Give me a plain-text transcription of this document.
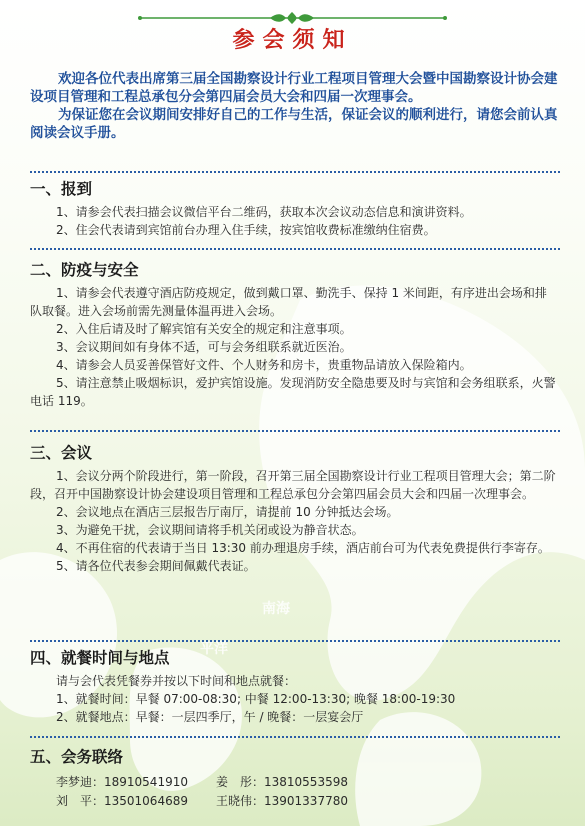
参会须知

欢迎各位代表出席第三届全国勘察设计行业工程项目管理大会暨中国勘察设计协会建设项目管理和工程总承包分会第四届会员大会和四届一次理事会。

为保证您在会议期间安排好自己的工作与生活，保证会议的顺利进行，请您会前认真阅读会议手册。

一、报到

1、请参会代表扫描会议微信平台二维码，获取本次会议动态信息和演讲资料。

2、住会代表请到宾馆前台办理入住手续，按宾馆收费标准缴纳住宿费。

二、防疫与安全

1、请参会代表遵守酒店防疫规定，做到戴口罩、勤洗手、保持 1 米间距，有序进出会场和排队取餐。进入会场前需先测量体温再进入会场。

2、入住后请及时了解宾馆有关安全的规定和注意事项。

3、会议期间如有身体不适，可与会务组联系就近医治。

4、请参会人员妥善保管好文件、个人财务和房卡，贵重物品请放入保险箱内。

5、请注意禁止吸烟标识，爱护宾馆设施。发现消防安全隐患要及时与宾馆和会务组联系，火警电话 119。

三、会议

1、会议分两个阶段进行，第一阶段，召开第三届全国勘察设计行业工程项目管理大会；第二阶段，召开中国勘察设计协会建设项目管理和工程总承包分会第四届会员大会和四届一次理事会。

2、会议地点在酒店三层报告厅南厅，请提前 10 分钟抵达会场。

3、为避免干扰，会议期间请将手机关闭或设为静音状态。

4、不再住宿的代表请于当日 13:30 前办理退房手续，酒店前台可为代表免费提供行李寄存。

5、请各位代表参会期间佩戴代表证。

四、就餐时间与地点

请与会代表凭餐券并按以下时间和地点就餐：

1、就餐时间：早餐 07:00-08:30; 中餐 12:00-13:30; 晚餐 18:00-19:30

2、就餐地点：早餐：一层四季厅，午 / 晚餐：一层宴会厅

五、会务联络
李梦迪：18910541910	姜　彤：13810553598
刘　平：13501064689	王晓伟：13901337780
南海
平洋
